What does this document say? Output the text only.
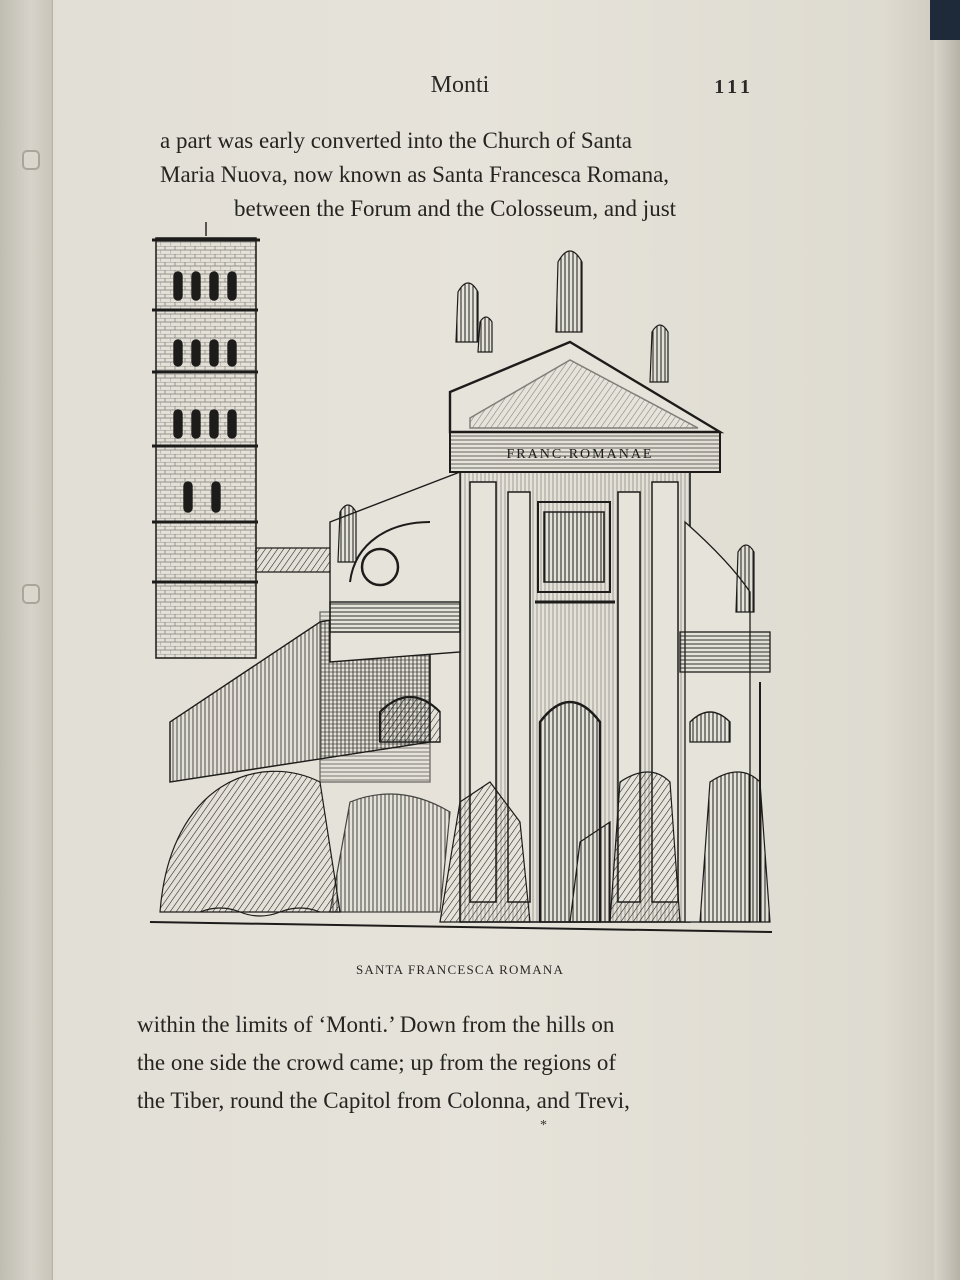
Monti	111
a part was early converted into the Church of Santa
Maria Nuova, now known as Santa Francesca Romana,
between the Forum and the Colosseum, and just
FRANC.ROMANAE
SANTA FRANCESCA ROMANA
within the limits of ‘Monti.’ Down from the hills on
the one side the crowd came; up from the regions of
the Tiber, round the Capitol from Colonna, and Trevi,
*
